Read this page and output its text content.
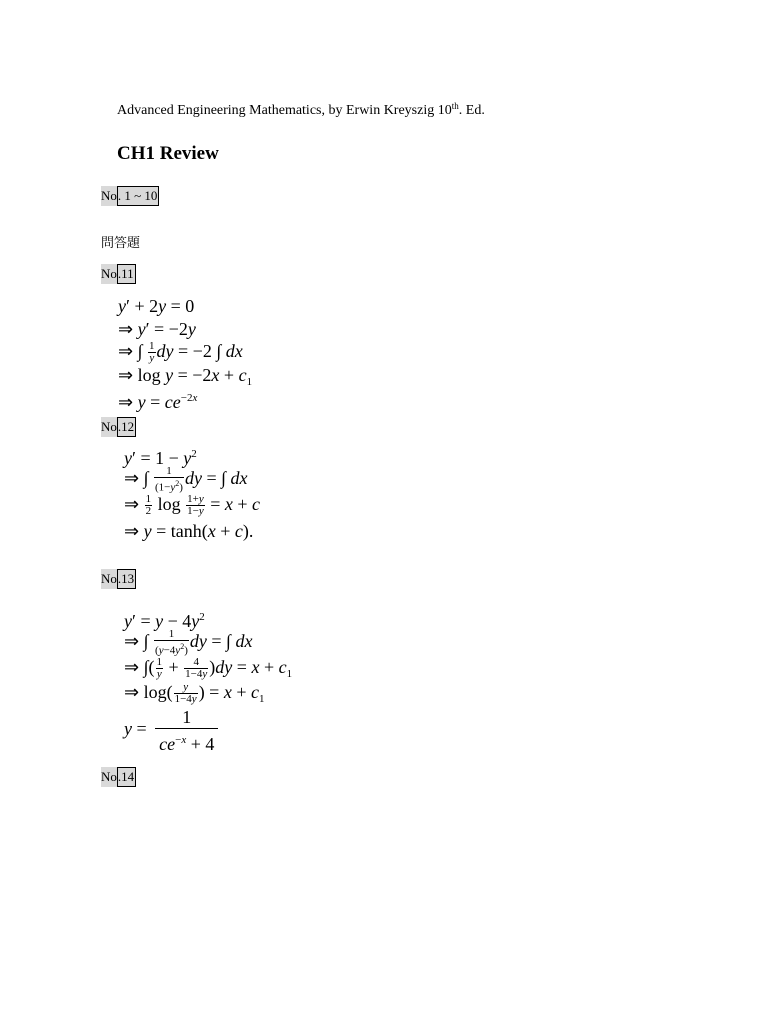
Advanced Engineering Mathematics, by Erwin Kreyszig 10th. Ed.
CH1 Review
No. 1 ~ 10
問答題
No.11
y′ + 2y = 0
⇒ y′ = −2y
⇒ ∫ $\frac{1}{y}$ dy = −2 ∫ dx
⇒ $\log y = -2x + c_1$
⇒ $y = ce^{-2x}$
No.12
$y' = 1 - y^2$
⇒ ∫ $\frac{1}{(1-y^2)}$ dy = ∫ dx
⇒ $\frac{1}{2}$ $\log \frac{1+y}{1-y} = x + c$
⇒ y = tanh(x + c).
No.13
$y' = y - 4y^2$
⇒ ∫ $\frac{1}{(y-4y^2)}$ dy = ∫ dx
⇒ ∫( $\frac{1}{y} + \frac{4}{1-4y} )dy = x + c_1$
⇒ $\log( \frac{y}{1-4y}$ ) = $x + c_1$
$y = \frac{1}{ce^{-x} + 4}$
No.14
